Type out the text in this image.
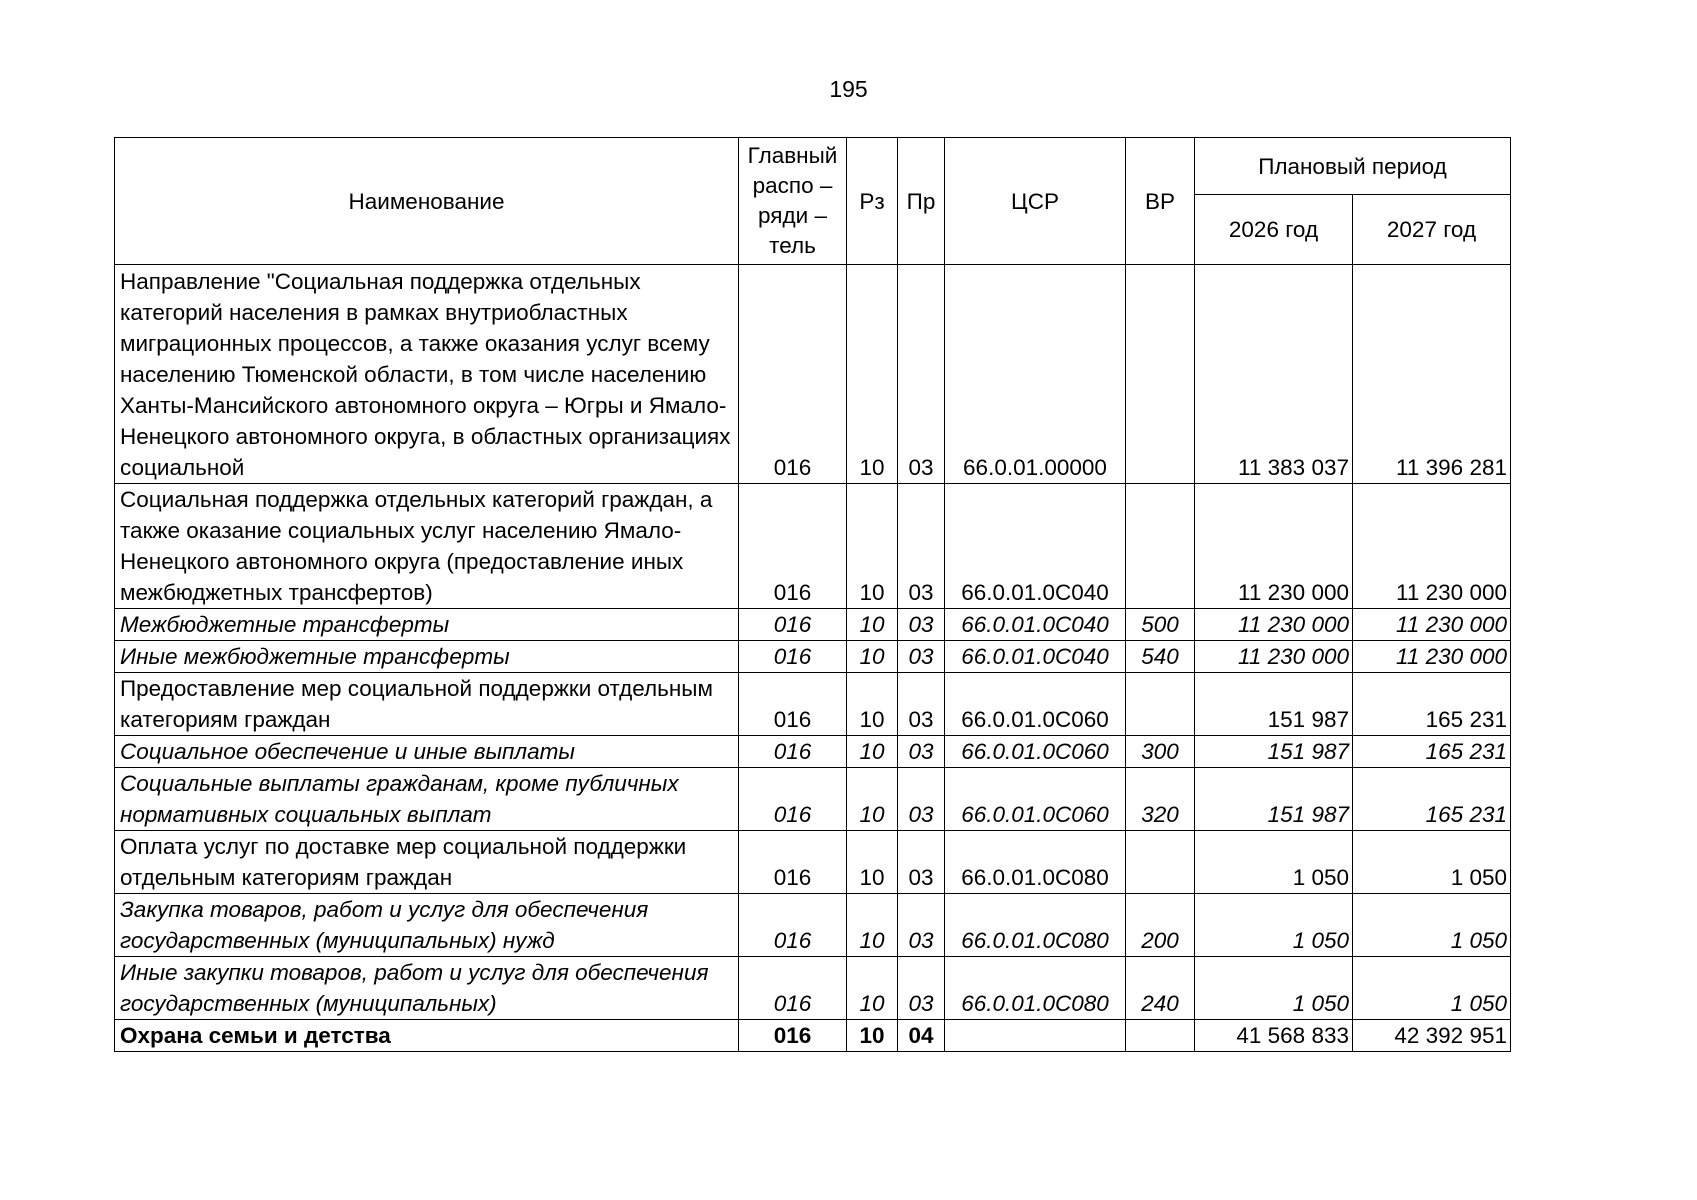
195
Наименование	Главный распо – ряди – тель	Рз	Пр	ЦСР	ВР	Плановый период	
						2026 год	2027 год
Направление "Социальная поддержка отдельных категорий населения в рамках внутриобластных миграционных процессов, а также оказания услуг всему населению Тюменской области, в том числе населению Ханты-Мансийского автономного округа – Югры и Ямало-Ненецкого автономного округа, в областных организациях социальной	016	10	03	66.0.01.00000		11 383 037	11 396 281
Социальная поддержка отдельных категорий граждан, а также оказание социальных услуг населению Ямало-Ненецкого автономного округа (предоставление иных межбюджетных трансфертов)	016	10	03	66.0.01.0С040		11 230 000	11 230 000
Межбюджетные трансферты	016	10	03	66.0.01.0С040	500	11 230 000	11 230 000
Иные межбюджетные трансферты	016	10	03	66.0.01.0С040	540	11 230 000	11 230 000
Предоставление мер социальной поддержки отдельным категориям граждан	016	10	03	66.0.01.0С060		151 987	165 231
Социальное обеспечение и иные выплаты	016	10	03	66.0.01.0С060	300	151 987	165 231
Социальные выплаты гражданам, кроме публичных нормативных социальных выплат	016	10	03	66.0.01.0С060	320	151 987	165 231
Оплата услуг по доставке мер социальной поддержки отдельным категориям граждан	016	10	03	66.0.01.0С080		1 050	1 050
Закупка товаров, работ и услуг для обеспечения государственных (муниципальных) нужд	016	10	03	66.0.01.0С080	200	1 050	1 050
Иные закупки товаров, работ и услуг для обеспечения государственных (муниципальных)	016	10	03	66.0.01.0С080	240	1 050	1 050
Охрана семьи и детства	016	10	04			41 568 833	42 392 951
